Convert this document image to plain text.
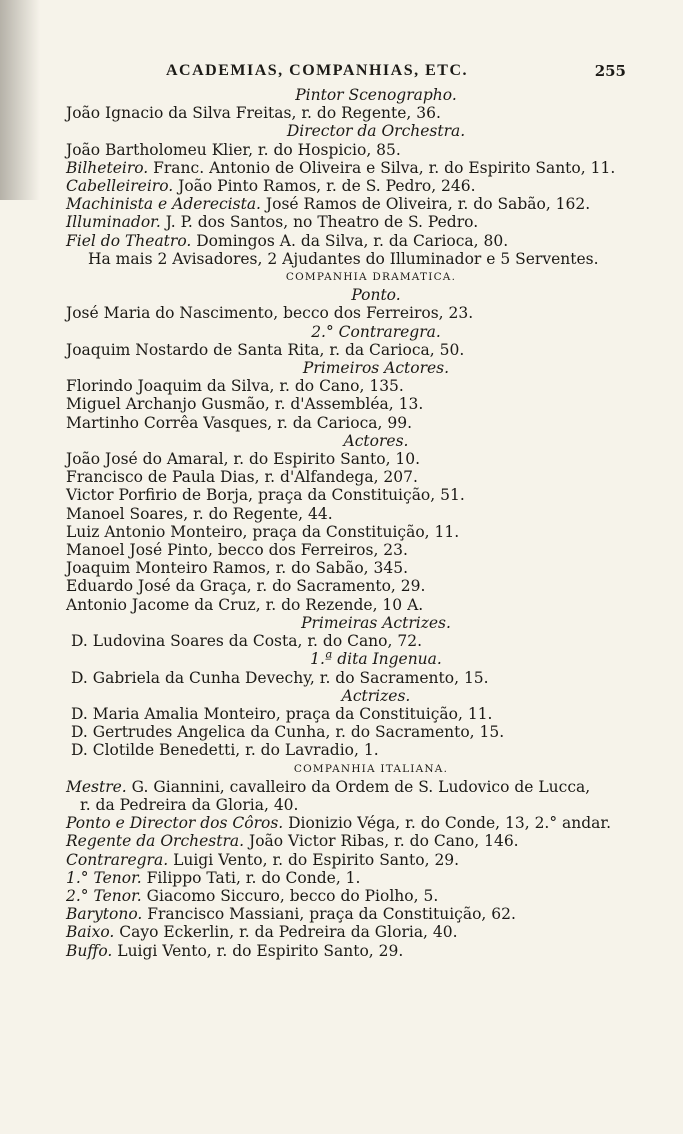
ACADEMIAS, COMPANHIAS, ETC.	255
Pintor Scenographo.
João Ignacio da Silva Freitas, r. do Regente, 36.
Director da Orchestra.
João Bartholomeu Klier, r. do Hospicio, 85.
Bilheteiro. Franc. Antonio de Oliveira e Silva, r. do Espirito Santo, 11.
Cabelleireiro. João Pinto Ramos, r. de S. Pedro, 246.
Machinista e Aderecista. José Ramos de Oliveira, r. do Sabão, 162.
Illuminador. J. P. dos Santos, no Theatro de S. Pedro.
Fiel do Theatro. Domingos A. da Silva, r. da Carioca, 80.
Ha mais 2 Avisadores, 2 Ajudantes do Illuminador e 5 Serventes.
COMPANHIA DRAMATICA.
Ponto.
José Maria do Nascimento, becco dos Ferreiros, 23.
2.° Contraregra.
Joaquim Nostardo de Santa Rita, r. da Carioca, 50.
Primeiros Actores.
Florindo Joaquim da Silva, r. do Cano, 135.
Miguel Archanjo Gusmão, r. d'Assembléa, 13.
Martinho Corrêa Vasques, r. da Carioca, 99.
Actores.
João José do Amaral, r. do Espirito Santo, 10.
Francisco de Paula Dias, r. d'Alfandega, 207.
Victor Porfirio de Borja, praça da Constituição, 51.
Manoel Soares, r. do Regente, 44.
Luiz Antonio Monteiro, praça da Constituição, 11.
Manoel José Pinto, becco dos Ferreiros, 23.
Joaquim Monteiro Ramos, r. do Sabão, 345.
Eduardo José da Graça, r. do Sacramento, 29.
Antonio Jacome da Cruz, r. do Rezende, 10 A.
Primeiras Actrizes.
D. Ludovina Soares da Costa, r. do Cano, 72.
1.ª dita Ingenua.
D. Gabriela da Cunha Devechy, r. do Sacramento, 15.
Actrizes.
D. Maria Amalia Monteiro, praça da Constituição, 11.
D. Gertrudes Angelica da Cunha, r. do Sacramento, 15.
D. Clotilde Benedetti, r. do Lavradio, 1.
COMPANHIA ITALIANA.
Mestre. G. Giannini, cavalleiro da Ordem de S. Ludovico de Lucca,
r. da Pedreira da Gloria, 40.
Ponto e Director dos Côros. Dionizio Véga, r. do Conde, 13, 2.° andar.
Regente da Orchestra. João Victor Ribas, r. do Cano, 146.
Contraregra. Luigi Vento, r. do Espirito Santo, 29.
1.° Tenor. Filippo Tati, r. do Conde, 1.
2.° Tenor. Giacomo Siccuro, becco do Piolho, 5.
Barytono. Francisco Massiani, praça da Constituição, 62.
Baixo. Cayo Eckerlin, r. da Pedreira da Gloria, 40.
Buffo. Luigi Vento, r. do Espirito Santo, 29.
